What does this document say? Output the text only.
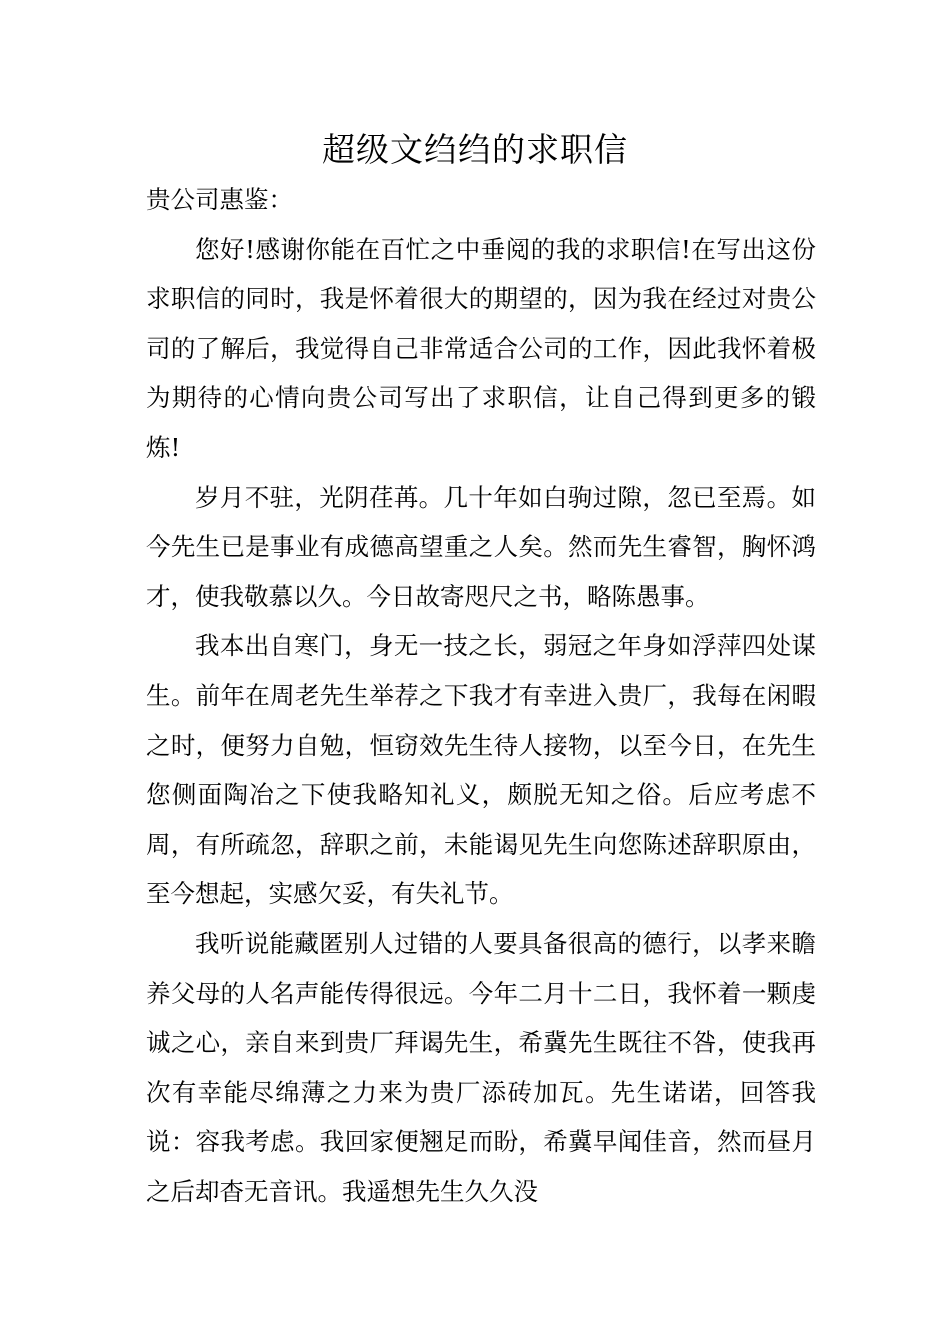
超级文绉绉的求职信

贵公司惠鉴：

您好!感谢你能在百忙之中垂阅的我的求职信!在写出这份求职信的同时，我是怀着很大的期望的，因为我在经过对贵公司的了解后，我觉得自己非常适合公司的工作，因此我怀着极为期待的心情向贵公司写出了求职信，让自己得到更多的锻炼!

岁月不驻，光阴荏苒。几十年如白驹过隙，忽已至焉。如今先生已是事业有成德高望重之人矣。然而先生睿智，胸怀鸿才，使我敬慕以久。今日故寄咫尺之书，略陈愚事。

我本出自寒门，身无一技之长，弱冠之年身如浮萍四处谋生。前年在周老先生举荐之下我才有幸进入贵厂，我每在闲暇之时，便努力自勉，恒窃效先生待人接物，以至今日，在先生您侧面陶冶之下使我略知礼义，颇脱无知之俗。后应考虑不周，有所疏忽，辞职之前，未能谒见先生向您陈述辞职原由，至今想起，实感欠妥，有失礼节。

我听说能藏匿别人过错的人要具备很高的德行，以孝来瞻养父母的人名声能传得很远。今年二月十二日，我怀着一颗虔诚之心，亲自来到贵厂拜谒先生，希冀先生既往不咎，使我再次有幸能尽绵薄之力来为贵厂添砖加瓦。先生诺诺，回答我说：容我考虑。我回家便翘足而盼，希冀早闻佳音，然而昼月之后却杳无音讯。我遥想先生久久没
